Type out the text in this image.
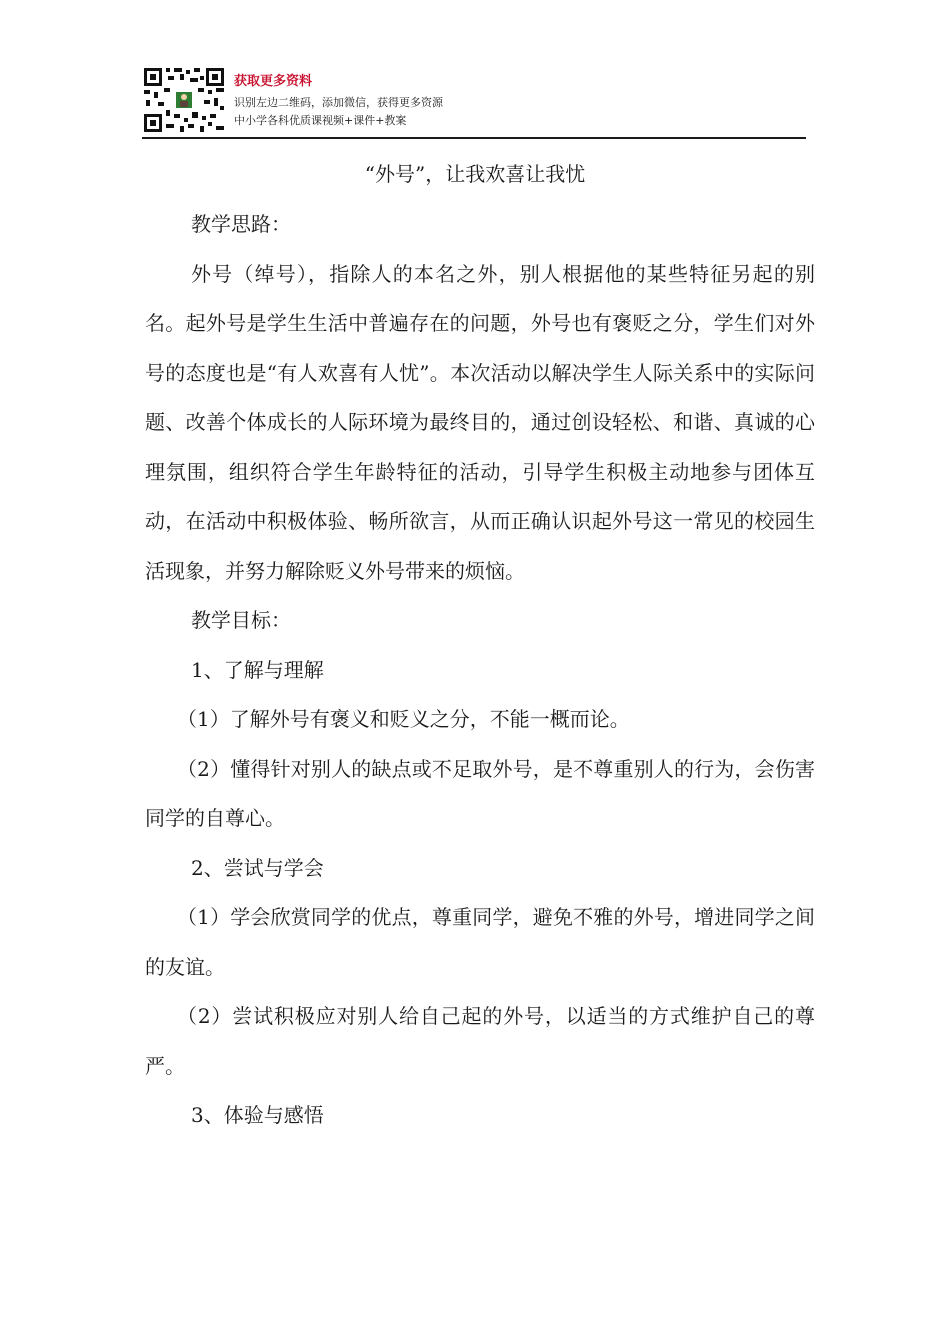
获取更多资料
识别左边二维码，添加微信，获得更多资源
中小学各科优质课视频+课件+教案
“外号”，让我欢喜让我忧

教学思路：

外号（绰号），指除人的本名之外，别人根据他的某些特征另起的别名。起外号是学生生活中普遍存在的问题，外号也有褒贬之分，学生们对外号的态度也是“有人欢喜有人忧”。本次活动以解决学生人际关系中的实际问题、改善个体成长的人际环境为最终目的，通过创设轻松、和谐、真诚的心理氛围，组织符合学生年龄特征的活动，引导学生积极主动地参与团体互动，在活动中积极体验、畅所欲言，从而正确认识起外号这一常见的校园生活现象，并努力解除贬义外号带来的烦恼。

教学目标：

1、了解与理解

（1）了解外号有褒义和贬义之分，不能一概而论。

（2）懂得针对别人的缺点或不足取外号，是不尊重别人的行为，会伤害同学的自尊心。

2、尝试与学会

（1）学会欣赏同学的优点，尊重同学，避免不雅的外号，增进同学之间的友谊。

（2）尝试积极应对别人给自己起的外号，以适当的方式维护自己的尊严。

3、体验与感悟
